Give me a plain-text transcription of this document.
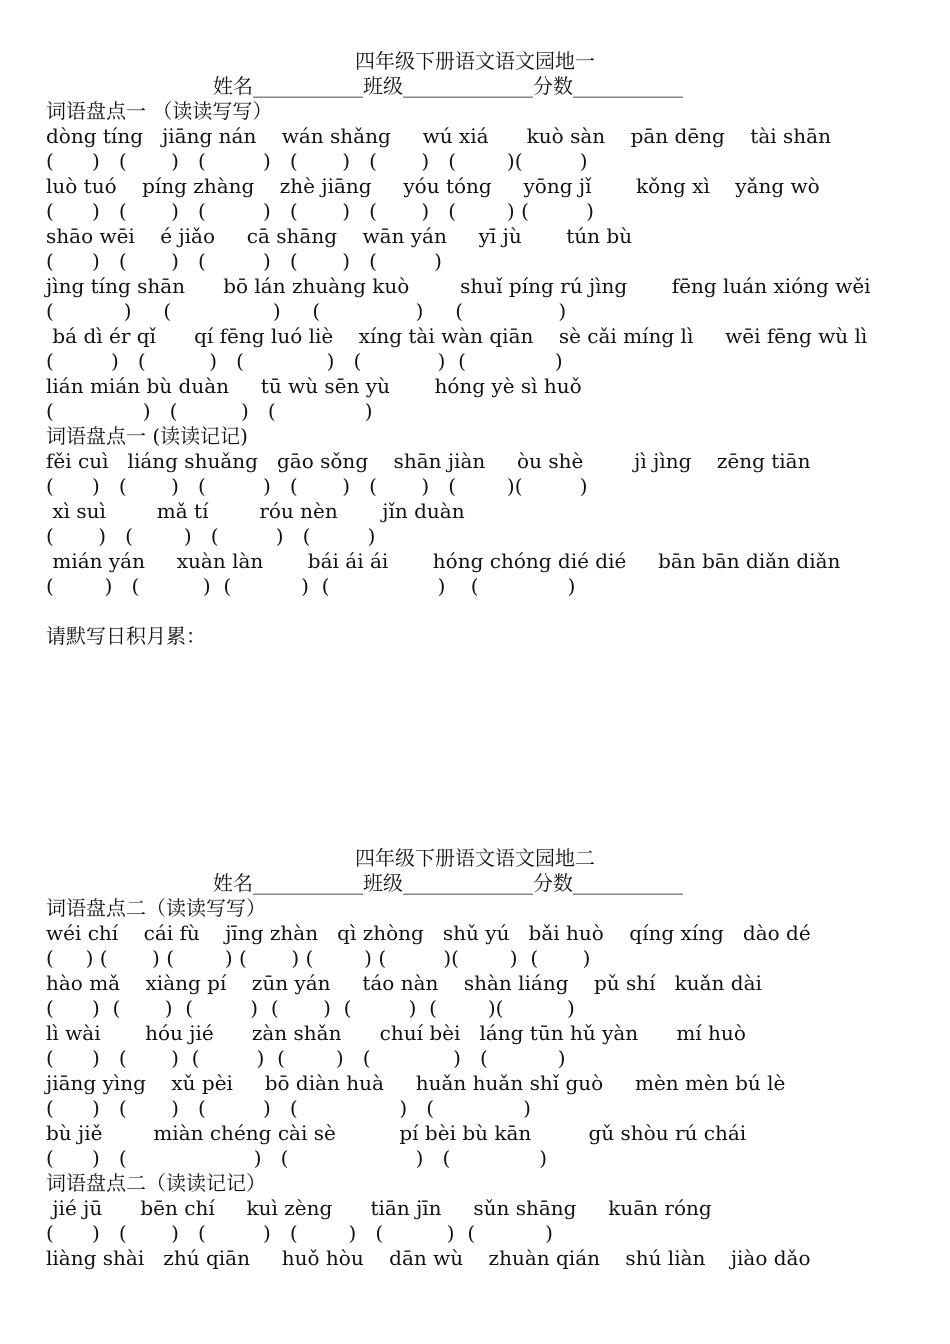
四年级下册语文语文园地一
姓名___________班级_____________分数___________
词语盘点一 （读读写写）
dòng tíng   jiāng nán    wán shǎng     wú xiá      kuò sàn    pān dēng    tài shān
(      )   (       )   (         )   (       )   (       )   (        )(         )
luò tuó    píng zhàng    zhè jiāng     yóu tóng     yōng jǐ       kǒng xì    yǎng wò
(      )   (       )   (         )   (       )   (       )   (        ) (         )
shāo wēi    é jiǎo     cā shāng    wān yán     yī jù       tún bù
(      )   (       )   (         )   (       )   (         )
jìng tíng shān      bō lán zhuàng kuò        shuǐ píng rú jìng       fēng luán xióng wěi
(           )     (                )     (               )     (               )
bá dì ér qǐ      qí fēng luó liè    xíng tài wàn qiān    sè cǎi míng lì     wēi fēng wù lì
(         )   (          )   (             )   (            )  (              )
lián mián bù duàn     tū wù sēn yù       hóng yè sì huǒ
(              )   (          )   (              )
词语盘点一 (读读记记)
fěi cuì   liáng shuǎng   gāo sǒng    shān jiàn     òu shè        jì jìng    zēng tiān
(      )   (       )   (         )   (       )   (       )   (        )(         )
xì suì        mǎ tí        róu nèn       jǐn duàn
(       )   (        )   (         )   (         )
mián yán     xuàn làn       bái ái ái       hóng chóng dié dié     bān bān diǎn diǎn
(        )   (          )  (           )  (                 )    (              )
请默写日积月累：
四年级下册语文语文园地二
姓名___________班级_____________分数___________
词语盘点二（读读写写）
wéi chí    cái fù    jīng zhàn   qì zhòng   shǔ yú   bǎi huò    qíng xíng   dào dé
(     ) (       ) (        ) (       ) (        ) (         )(        )  (       )
hào mǎ    xiàng pí    zūn yán     táo nàn    shàn liáng    pǔ shí   kuǎn dài
(      )  (       )  (         )  (       )  (         )  (        )(          )
lì wài       hóu jié      zàn shǎn      chuí bèi   láng tūn hǔ yàn      mí huò
(      )   (       )  (         )  (        )   (             )   (           )
jiāng yìng    xǔ pèi     bō diàn huà     huǎn huǎn shǐ guò     mèn mèn bú lè
(      )   (       )   (         )   (                )   (              )
bù jiě        miàn chéng cài sè          pí bèi bù kān         gǔ shòu rú chái
(      )   (                    )   (                    )   (              )
词语盘点二（读读记记）
jié jū      bēn chí     kuì zèng      tiān jīn     sǔn shāng     kuān róng
(      )   (       )   (         )   (        )   (          )  (           )
liàng shài   zhú qiān     huǒ hòu    dān wù    zhuàn qián    shú liàn    jiào dǎo
